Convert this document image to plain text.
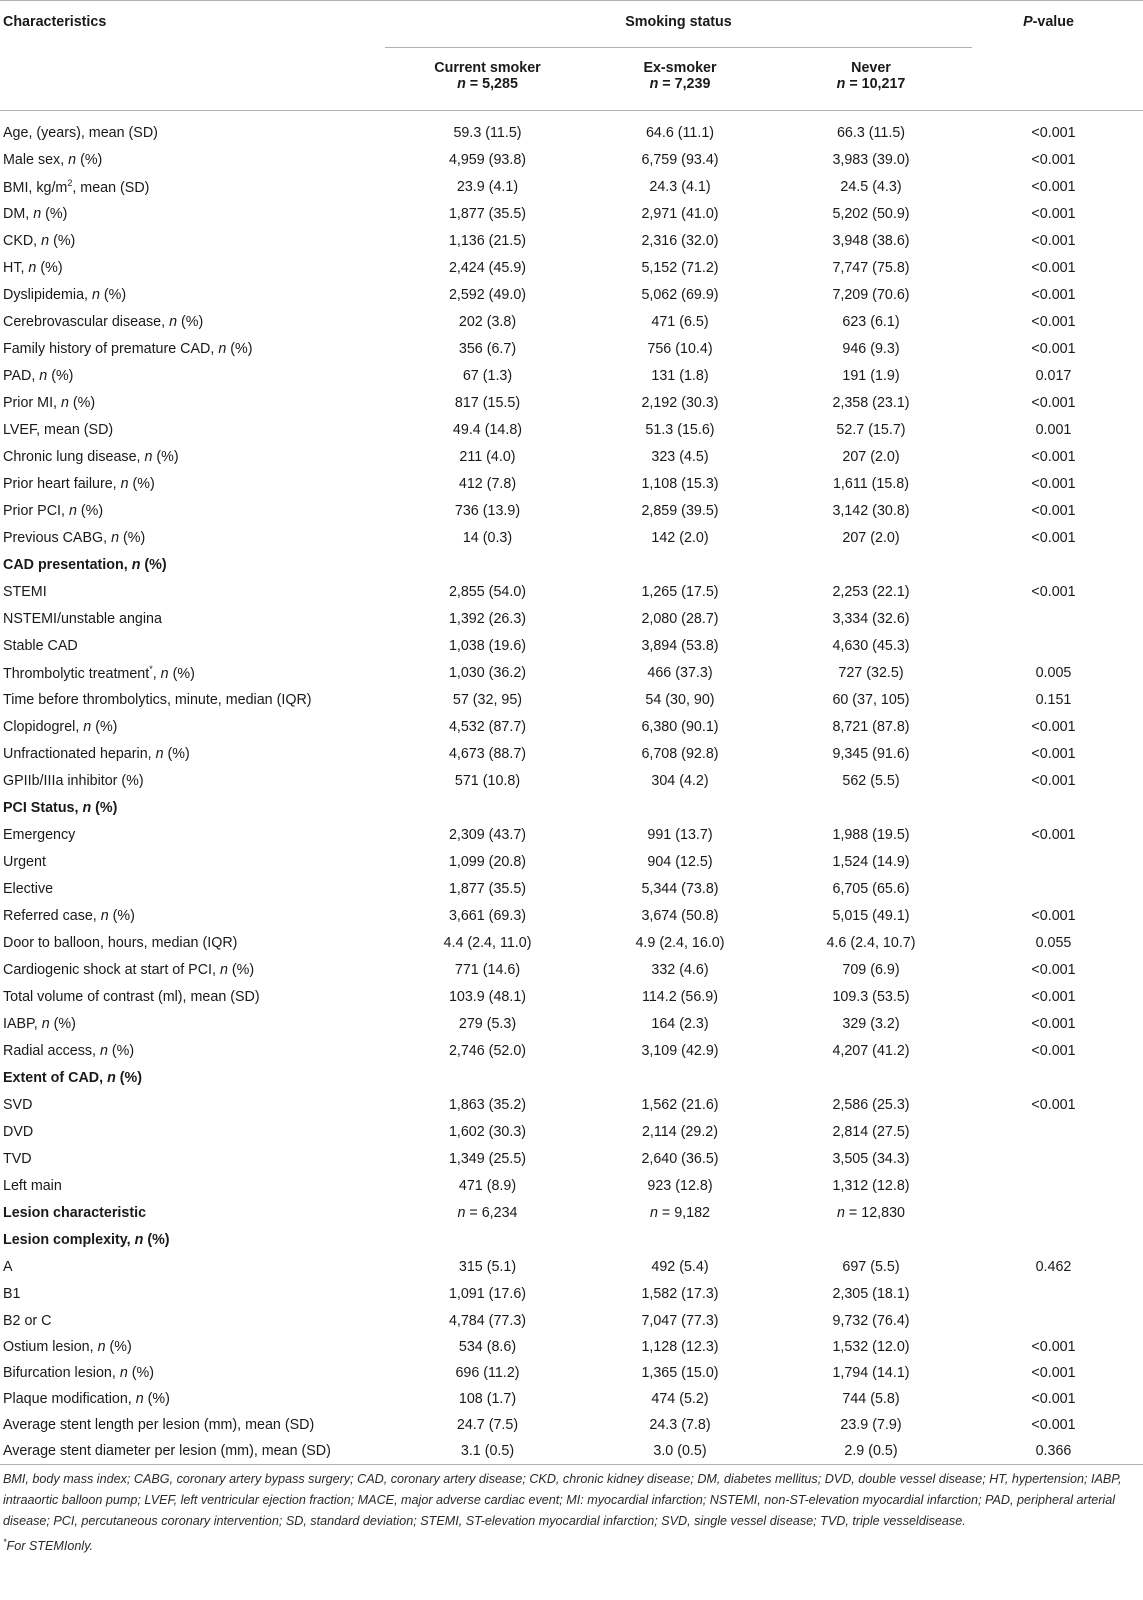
Characteristics	Smoking status			P-value
	Current smoker	Ex-smoker	Never	
	n = 5,285	n = 7,239	n = 10,217	

Age, (years), mean (SD)	59.3 (11.5)	64.6 (11.1)	66.3 (11.5)	<0.001
Male sex, n (%)	4,959 (93.8)	6,759 (93.4)	3,983 (39.0)	<0.001
BMI, $kg/m^2$, mean (SD)	23.9 (4.1)	24.3 (4.1)	24.5 (4.3)	<0.001
DM, n (%)	1,877 (35.5)	2,971 (41.0)	5,202 (50.9)	<0.001
CKD, n (%)	1,136 (21.5)	2,316 (32.0)	3,948 (38.6)	<0.001
HT, n (%)	2,424 (45.9)	5,152 (71.2)	7,747 (75.8)	<0.001
Dyslipidemia, n (%)	2,592 (49.0)	5,062 (69.9)	7,209 (70.6)	<0.001
Cerebrovascular disease, n (%)	202 (3.8)	471 (6.5)	623 (6.1)	<0.001
Family history of premature CAD, n (%)	356 (6.7)	756 (10.4)	946 (9.3)	<0.001
PAD, n (%)	67 (1.3)	131 (1.8)	191 (1.9)	0.017
Prior MI, n (%)	817 (15.5)	2,192 (30.3)	2,358 (23.1)	<0.001
LVEF, mean (SD)	49.4 (14.8)	51.3 (15.6)	52.7 (15.7)	0.001
Chronic lung disease, n (%)	211 (4.0)	323 (4.5)	207 (2.0)	<0.001
Prior heart failure, n (%)	412 (7.8)	1,108 (15.3)	1,611 (15.8)	<0.001
Prior PCI, n (%)	736 (13.9)	2,859 (39.5)	3,142 (30.8)	<0.001
Previous CABG, n (%)	14 (0.3)	142 (2.0)	207 (2.0)	<0.001
CAD presentation, n (%)				
STEMI	2,855 (54.0)	1,265 (17.5)	2,253 (22.1)	<0.001
NSTEMI/unstable angina	1,392 (26.3)	2,080 (28.7)	3,334 (32.6)	
Stable CAD	1,038 (19.6)	3,894 (53.8)	4,630 (45.3)	
Thrombolytic treatment*, n (%)	1,030 (36.2)	466 (37.3)	727 (32.5)	0.005
Time before thrombolytics, minute, median (IQR)	57 (32, 95)	54 (30, 90)	60 (37, 105)	0.151
Clopidogrel, n (%)	4,532 (87.7)	6,380 (90.1)	8,721 (87.8)	<0.001
Unfractionated heparin, n (%)	4,673 (88.7)	6,708 (92.8)	9,345 (91.6)	<0.001
GPIIb/IIIa inhibitor (%)	571 (10.8)	304 (4.2)	562 (5.5)	<0.001
PCI Status, n (%)				
Emergency	2,309 (43.7)	991 (13.7)	1,988 (19.5)	<0.001
Urgent	1,099 (20.8)	904 (12.5)	1,524 (14.9)	
Elective	1,877 (35.5)	5,344 (73.8)	6,705 (65.6)	
Referred case, n (%)	3,661 (69.3)	3,674 (50.8)	5,015 (49.1)	<0.001
Door to balloon, hours, median (IQR)	4.4 (2.4, 11.0)	4.9 (2.4, 16.0)	4.6 (2.4, 10.7)	0.055
Cardiogenic shock at start of PCI, n (%)	771 (14.6)	332 (4.6)	709 (6.9)	<0.001
Total volume of contrast (ml), mean (SD)	103.9 (48.1)	114.2 (56.9)	109.3 (53.5)	<0.001
IABP, n (%)	279 (5.3)	164 (2.3)	329 (3.2)	<0.001
Radial access, n (%)	2,746 (52.0)	3,109 (42.9)	4,207 (41.2)	<0.001
Extent of CAD, n (%)				
SVD	1,863 (35.2)	1,562 (21.6)	2,586 (25.3)	<0.001
DVD	1,602 (30.3)	2,114 (29.2)	2,814 (27.5)	
TVD	1,349 (25.5)	2,640 (36.5)	3,505 (34.3)	
Left main	471 (8.9)	923 (12.8)	1,312 (12.8)	
Lesion characteristic	n = 6,234	n = 9,182	n = 12,830	
Lesion complexity, n (%)				
A	315 (5.1)	492 (5.4)	697 (5.5)	0.462
B1	1,091 (17.6)	1,582 (17.3)	2,305 (18.1)	
B2 or C	4,784 (77.3)	7,047 (77.3)	9,732 (76.4)	
Ostium lesion, n (%)	534 (8.6)	1,128 (12.3)	1,532 (12.0)	<0.001
Bifurcation lesion, n (%)	696 (11.2)	1,365 (15.0)	1,794 (14.1)	<0.001
Plaque modification, n (%)	108 (1.7)	474 (5.2)	744 (5.8)	<0.001
Average stent length per lesion (mm), mean (SD)	24.7 (7.5)	24.3 (7.8)	23.9 (7.9)	<0.001
Average stent diameter per lesion (mm), mean (SD)	3.1 (0.5)	3.0 (0.5)	2.9 (0.5)	0.366

BMI, body mass index; CABG, coronary artery bypass surgery; CAD, coronary artery disease; CKD, chronic kidney disease; DM, diabetes mellitus; DVD, double vessel disease; HT, hypertension; IABP, intraaortic balloon pump; LVEF, left ventricular ejection fraction; MACE, major adverse cardiac event; MI: myocardial infarction; NSTEMI, non-ST-elevation myocardial infarction; PAD, peripheral arterial disease; PCI, percutaneous coronary intervention; SD, standard deviation; STEMI, ST-elevation myocardial infarction; SVD, single vessel disease; TVD, triple vesseldisease.

*For STEMIonly.
